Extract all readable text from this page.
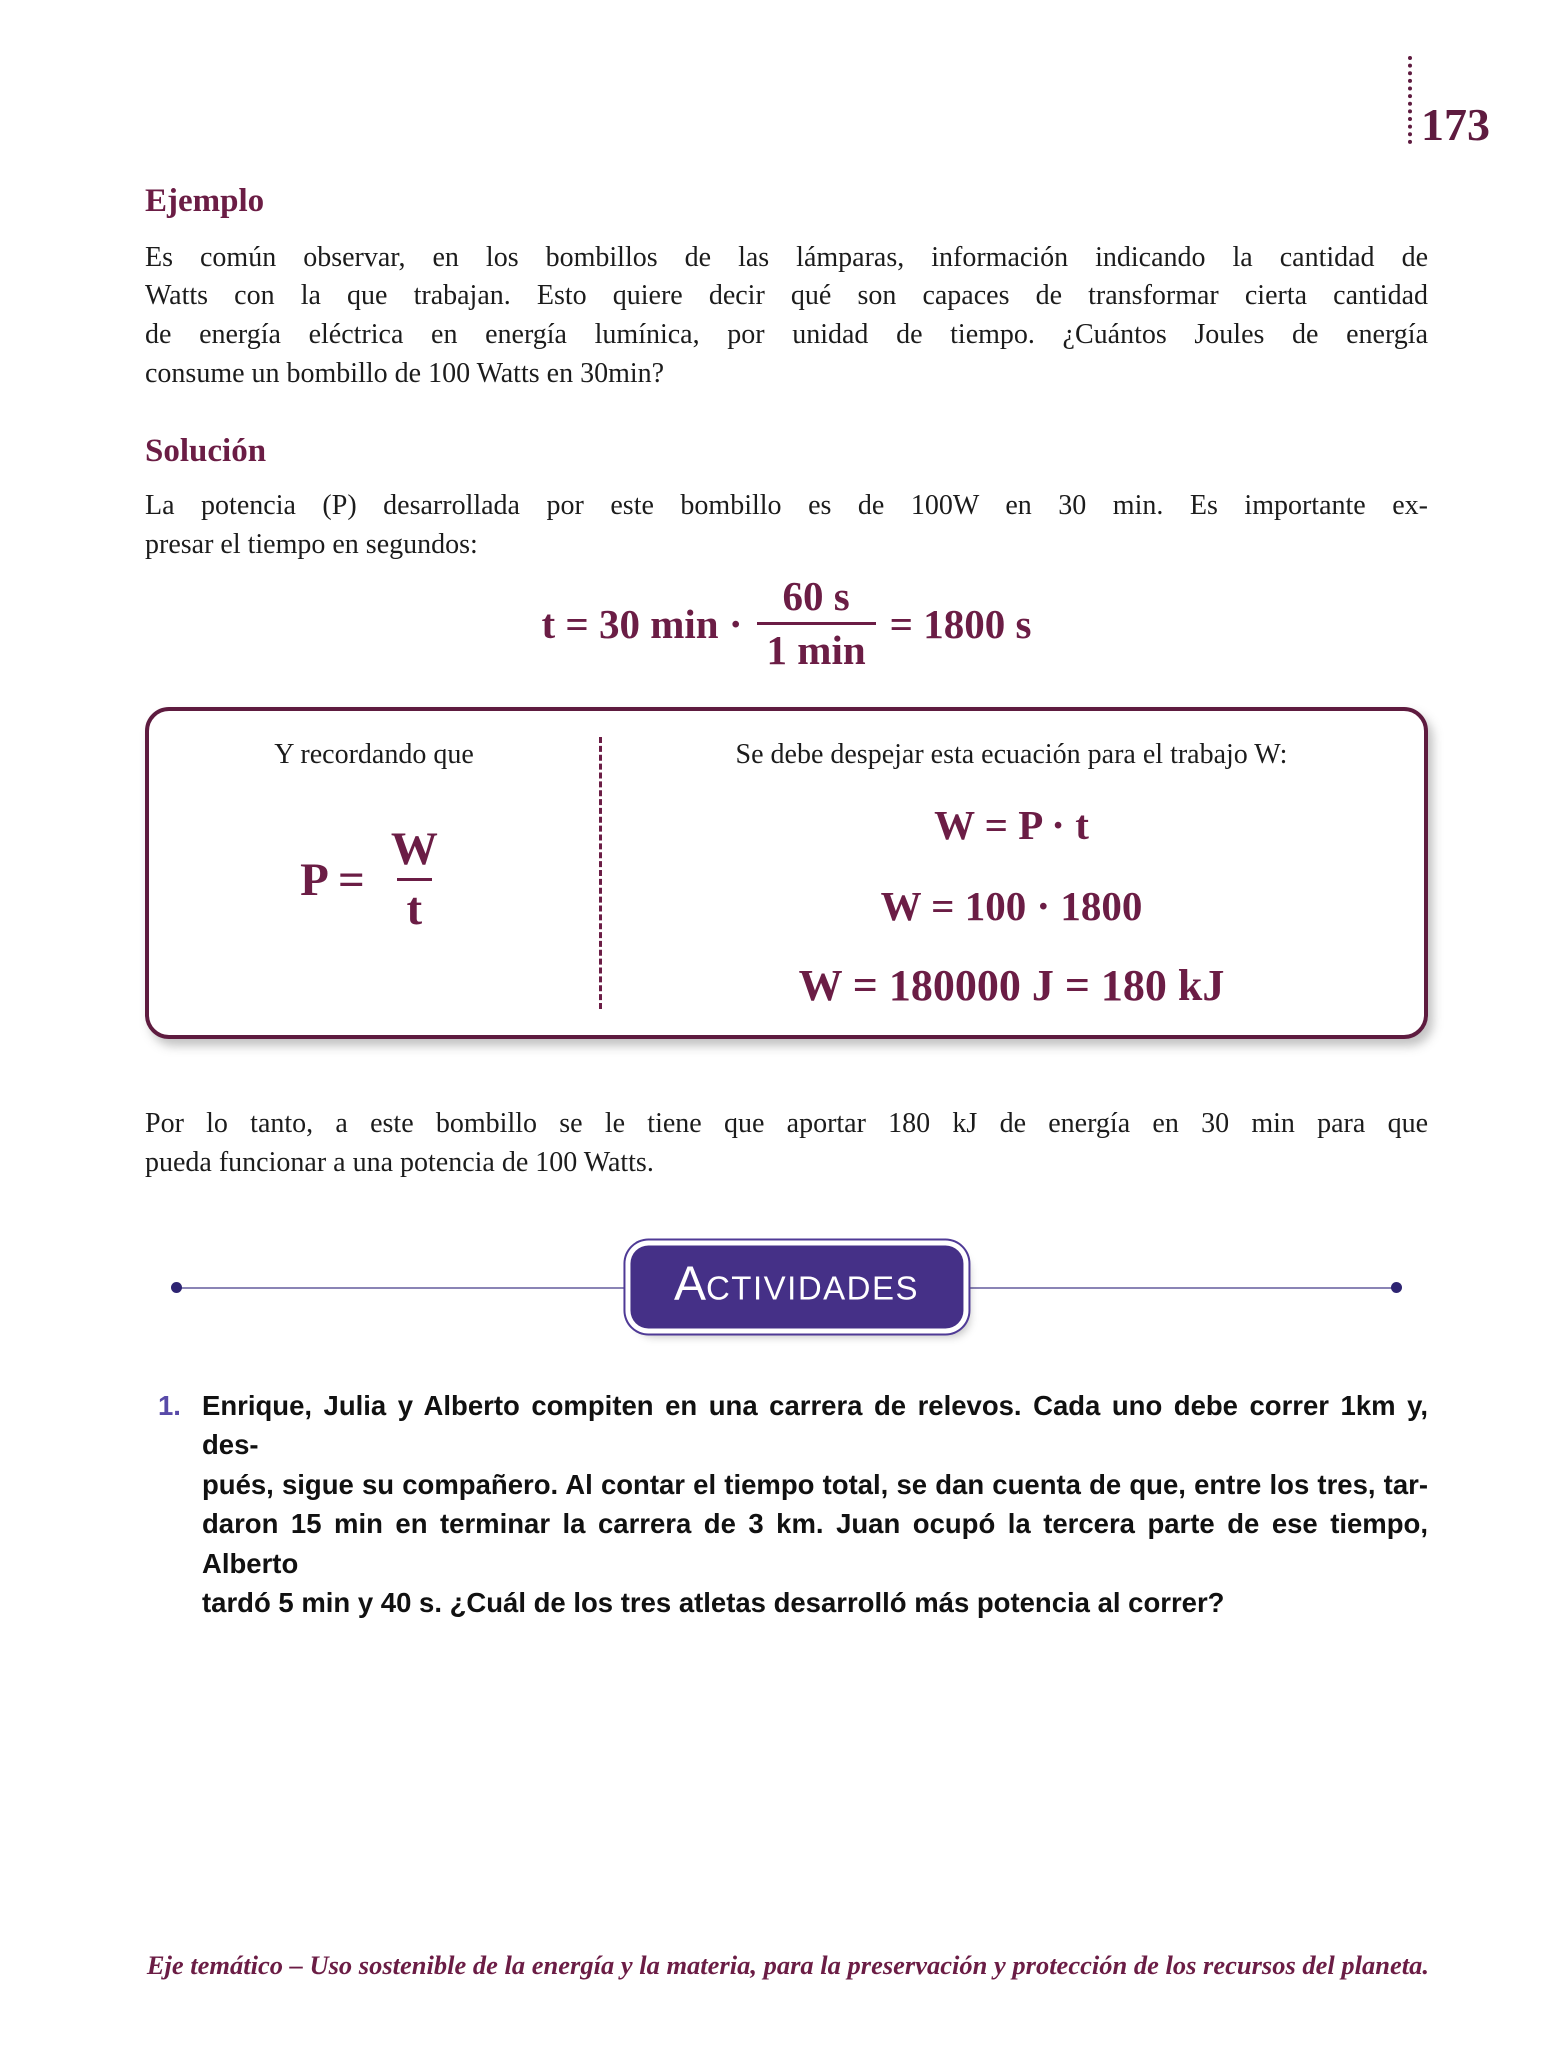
173
Ejemplo
Es común observar, en los bombillos de las lámparas, información indicando la cantidad de
Watts con la que trabajan. Esto quiere decir qué son capaces de transformar cierta cantidad
de energía eléctrica en energía lumínica, por unidad de tiempo. ¿Cuántos Joules de energía
consume un bombillo de 100 Watts en 30min?
Solución
La potencia (P) desarrollada por este bombillo es de 100W en 30 min. Es importante ex-
presar el tiempo en segundos:
t = 30 $\min \cdot \frac{60 s}{1 \min} = 1800$ s
Y recordando que
$P = \frac{W}{t}$
Se debe despejar esta ecuación para el trabajo W:
W = P · t
W = 100 · 1800
W = 180000 J = 180 kJ
Por lo tanto, a este bombillo se le tiene que aportar 180 kJ de energía en 30 min para que
pueda funcionar a una potencia de 100 Watts.
ACTIVIDADES
1. Enrique, Julia y Alberto compiten en una carrera de relevos. Cada uno debe correr 1km y, des-
pués, sigue su compañero. Al contar el tiempo total, se dan cuenta de que, entre los tres, tar-
daron 15 min en terminar la carrera de 3 km. Juan ocupó la tercera parte de ese tiempo, Alberto
tardó 5 min y 40 s. ¿Cuál de los tres atletas desarrolló más potencia al correr?
Eje temático – Uso sostenible de la energía y la materia, para la preservación y protección de los recursos del planeta.
